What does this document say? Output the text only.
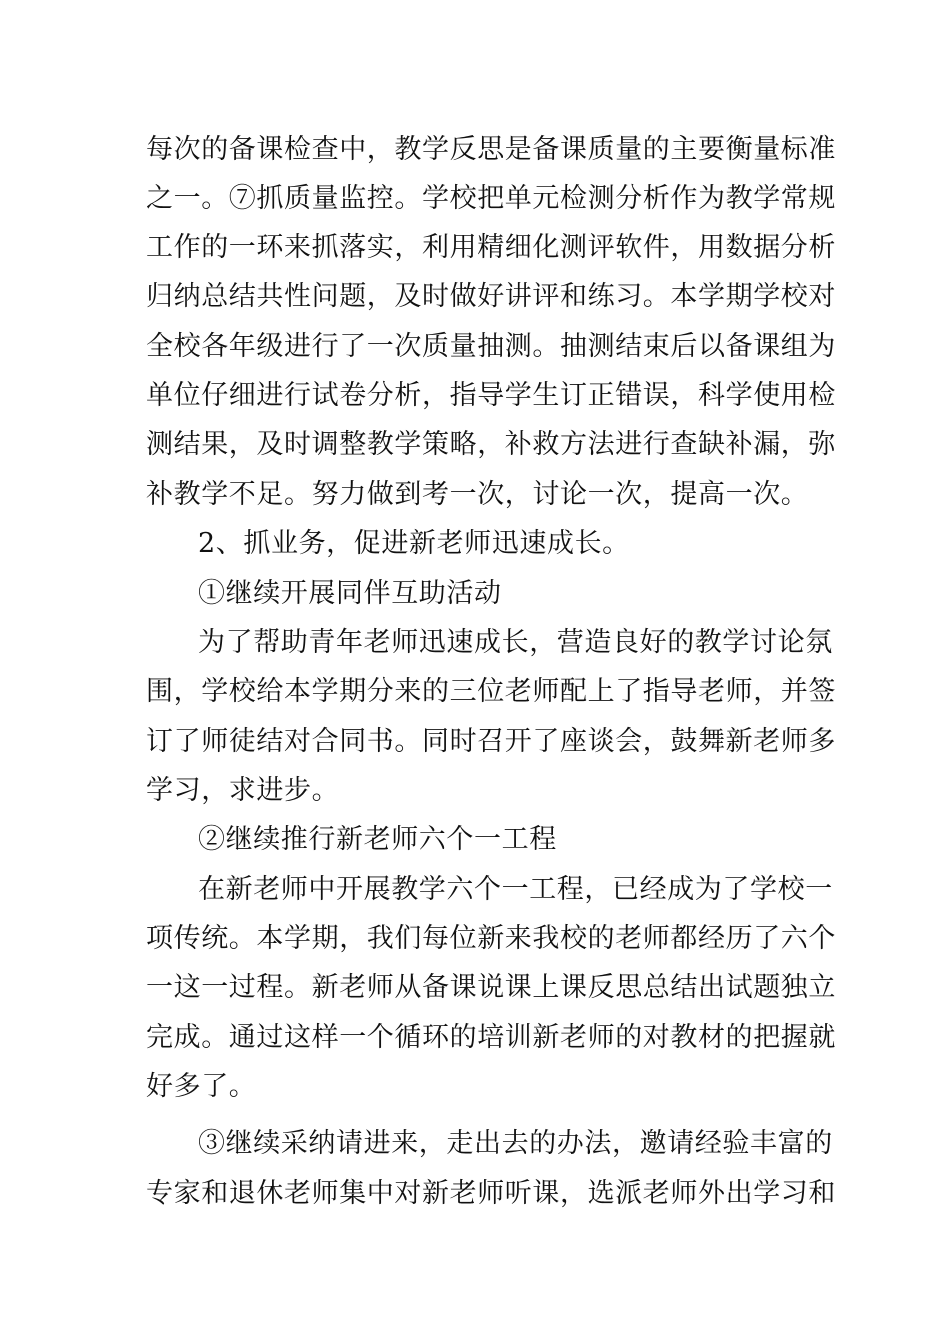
每次的备课检查中，教学反思是备课质量的主要衡量标准
之一。⑦抓质量监控。学校把单元检测分析作为教学常规
工作的一环来抓落实，利用精细化测评软件，用数据分析
归纳总结共性问题，及时做好讲评和练习。本学期学校对
全校各年级进行了一次质量抽测。抽测结束后以备课组为
单位仔细进行试卷分析，指导学生订正错误，科学使用检
测结果，及时调整教学策略，补救方法进行查缺补漏，弥
补教学不足。努力做到考一次，讨论一次，提高一次。
2、抓业务，促进新老师迅速成长。
①继续开展同伴互助活动
为了帮助青年老师迅速成长，营造良好的教学讨论氛
围，学校给本学期分来的三位老师配上了指导老师，并签
订了师徒结对合同书。同时召开了座谈会，鼓舞新老师多
学习，求进步。
②继续推行新老师六个一工程
在新老师中开展教学六个一工程，已经成为了学校一
项传统。本学期，我们每位新来我校的老师都经历了六个
一这一过程。新老师从备课说课上课反思总结出试题独立
完成。通过这样一个循环的培训新老师的对教材的把握就
好多了。
③继续采纳请进来，走出去的办法，邀请经验丰富的
专家和退休老师集中对新老师听课，选派老师外出学习和
